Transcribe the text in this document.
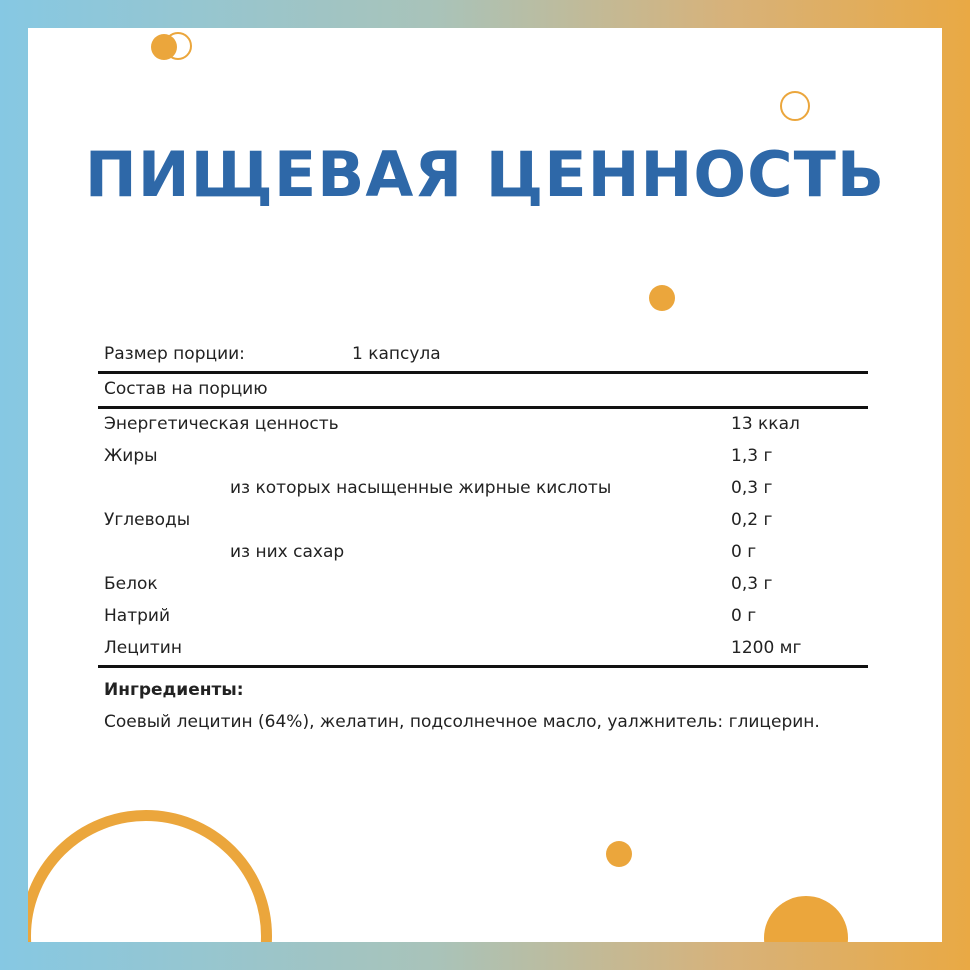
ПИЩЕВАЯ ЦЕННОСТЬ
Размер порции:	1 капсула
Состав на порцию
Энергетическая ценность	13 ккал
Жиры	1,3 г
из которых насыщенные жирные кислоты	0,3 г
Углеводы	0,2 г
из них сахар	0 г
Белок	0,3 г
Натрий	0 г
Лецитин	1200 мг
Ингредиенты:
Соевый лецитин (64%), желатин, подсолнечное масло, уалжнитель: глицерин.
